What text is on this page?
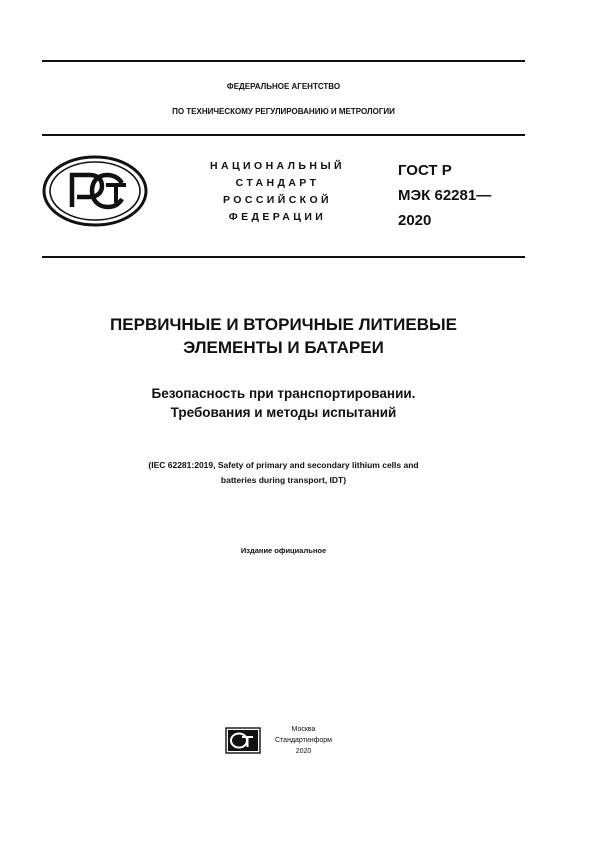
ФЕДЕРАЛЬНОЕ АГЕНТСТВО
ПО ТЕХНИЧЕСКОМУ РЕГУЛИРОВАНИЮ И МЕТРОЛОГИИ
НАЦИОНАЛЬНЫЙ
СТАНДАРТ
РОССИЙСКОЙ
ФЕДЕРАЦИИ
ГОСТ Р
МЭК 62281—
2020
ПЕРВИЧНЫЕ И ВТОРИЧНЫЕ ЛИТИЕВЫЕ
ЭЛЕМЕНТЫ И БАТАРЕИ
Безопасность при транспортировании.
Требования и методы испытаний
(IEC 62281:2019, Safety of primary and secondary lithium cells and
batteries during transport, IDT)
Издание официальное
Москва
Стандартинформ
2020
